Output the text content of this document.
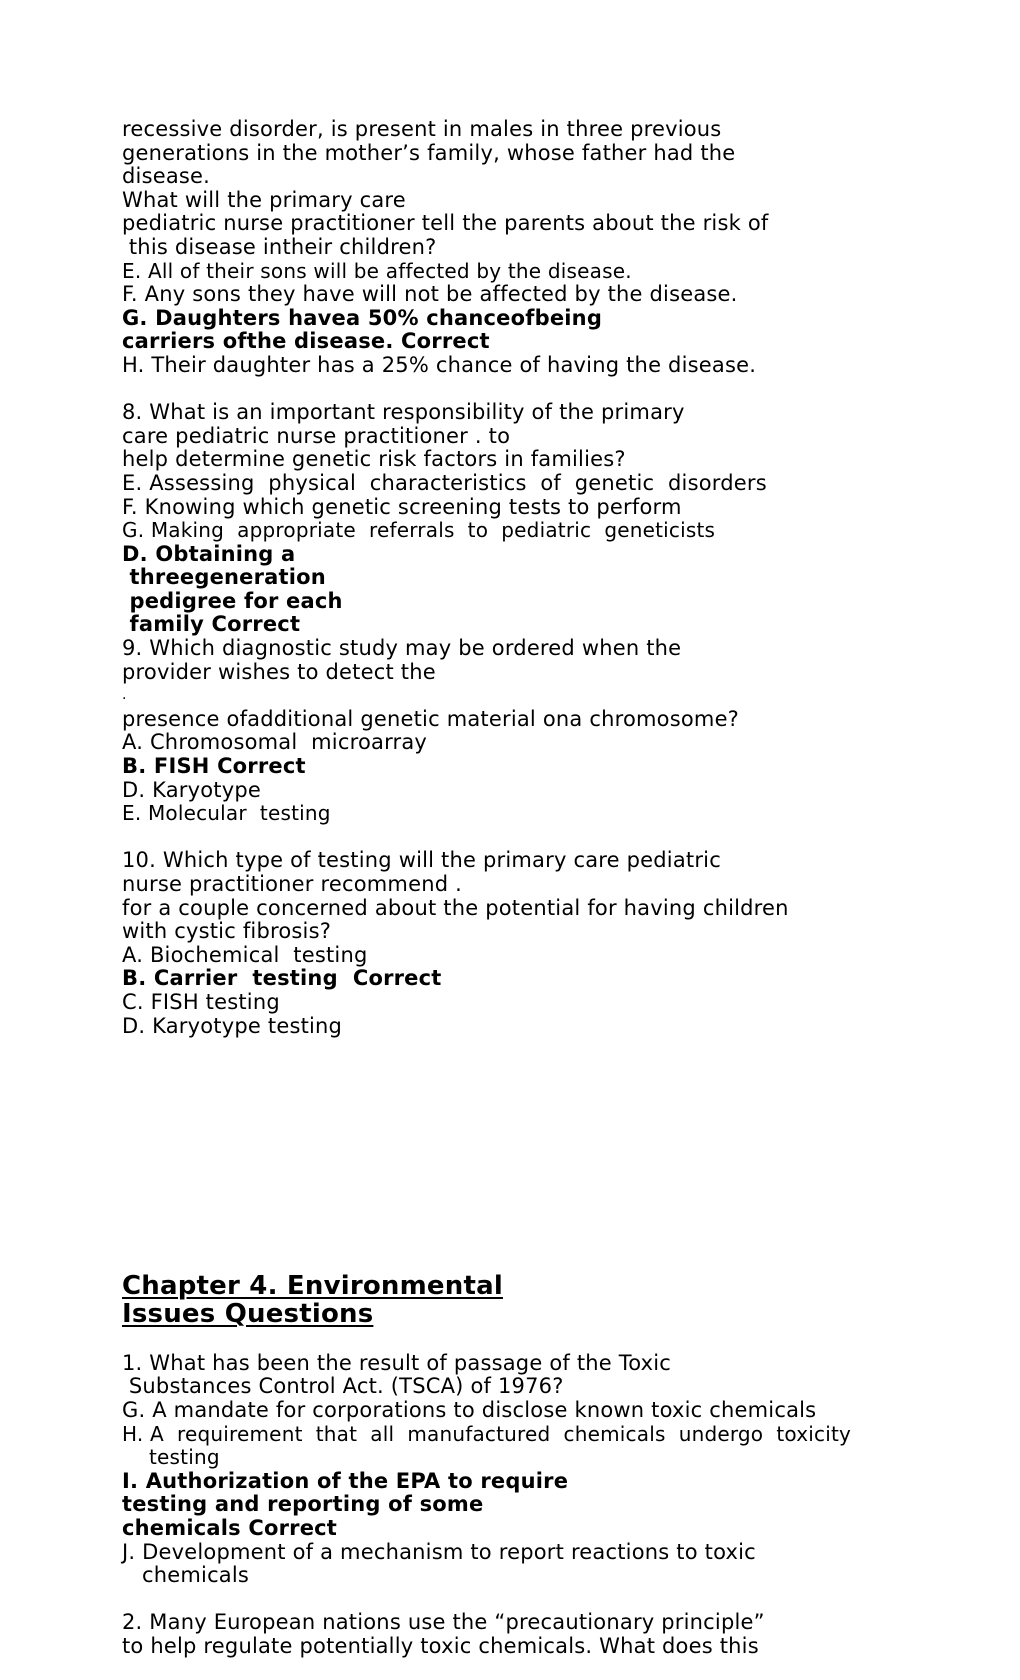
recessive disorder, is present in males in three previous
generations in the mother’s family, whose father had the
disease.
What will the primary care
pediatric nurse practitioner tell the parents about the risk of
this disease intheir children?
E. All of their sons will be affected by the disease.
F. Any sons they have will not be affected by the disease.
G. Daughters havea 50% chanceofbeing
carriers ofthe disease. Correct
H. Their daughter has a 25% chance of having the disease.
8. What is an important responsibility of the primary
care pediatric nurse practitioner . to
help determine genetic risk factors in families?
E. Assessing  physical  characteristics  of  genetic  disorders
F. Knowing which genetic screening tests to perform
G. Making  appropriate  referrals  to  pediatric  geneticists
D. Obtaining a
threegeneration
pedigree for each
family Correct
9. Which diagnostic study may be ordered when the
provider wishes to detect the
.
presence ofadditional genetic material ona chromosome?
A. Chromosomal  microarray
B. FISH Correct
D. Karyotype
E. Molecular  testing
10. Which type of testing will the primary care pediatric
nurse practitioner recommend .
for a couple concerned about the potential for having children
with cystic fibrosis?
A. Biochemical  testing
B. Carrier  testing  Correct
C. FISH testing
D. Karyotype testing
Chapter 4. Environmental
Issues Questions
1. What has been the result of passage of the Toxic
Substances Control Act. (TSCA) of 1976?
G. A mandate for corporations to disclose known toxic chemicals
H. A  requirement  that  all  manufactured  chemicals  undergo  toxicity
testing
I. Authorization of the EPA to require
testing and reporting of some
chemicals Correct
J. Development of a mechanism to report reactions to toxic
chemicals
2. Many European nations use the “precautionary principle”
to help regulate potentially toxic chemicals. What does this
